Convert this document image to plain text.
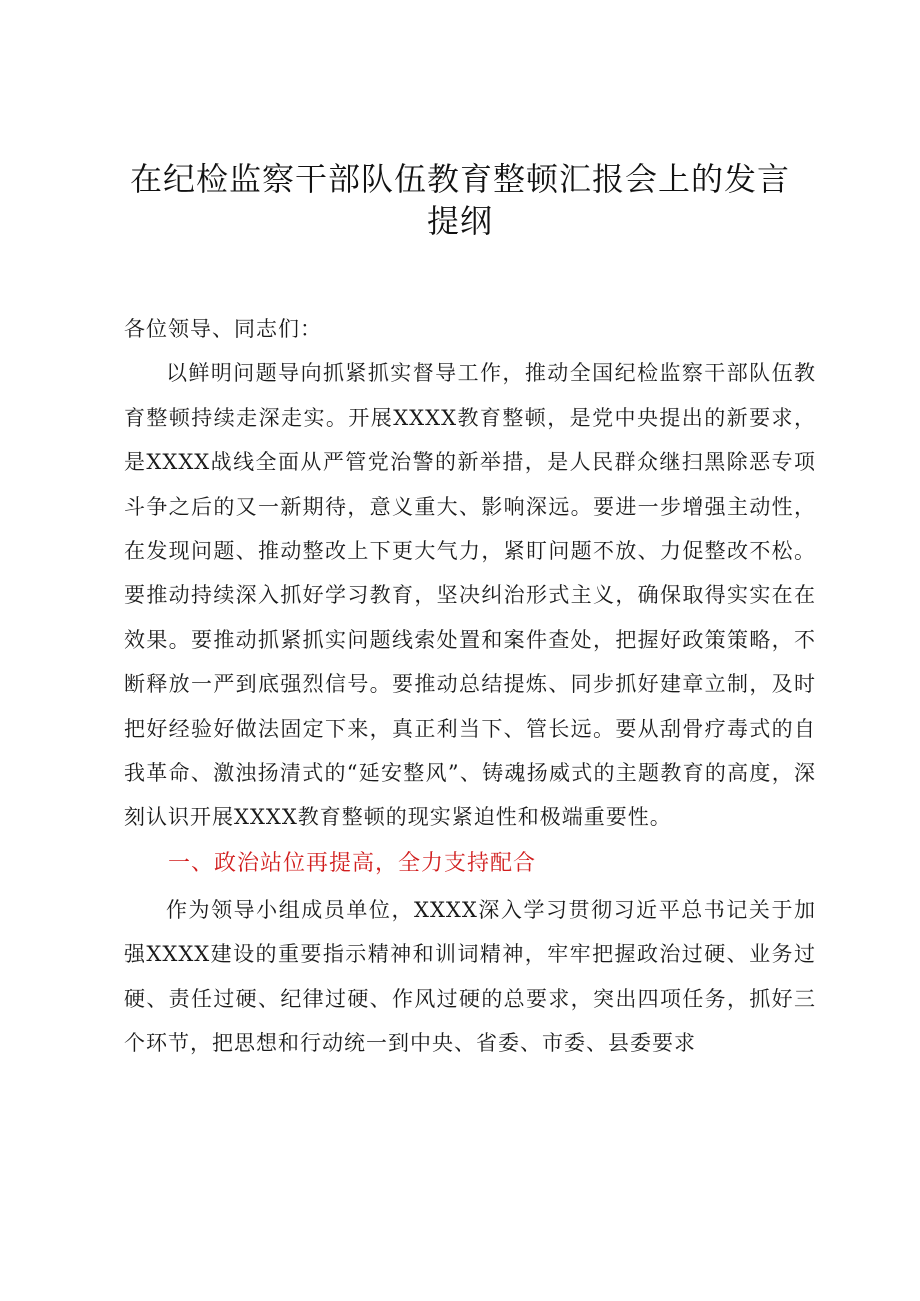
在纪检监察干部队伍教育整顿汇报会上的发言提纲

各位领导、同志们：

以鲜明问题导向抓紧抓实督导工作，推动全国纪检监察干部队伍教育整顿持续走深走实。开展XXXX教育整顿，是党中央提出的新要求，是XXXX战线全面从严管党治警的新举措，是人民群众继扫黑除恶专项斗争之后的又一新期待，意义重大、影响深远。要进一步增强主动性，在发现问题、推动整改上下更大气力，紧盯问题不放、力促整改不松。要推动持续深入抓好学习教育，坚决纠治形式主义，确保取得实实在在效果。要推动抓紧抓实问题线索处置和案件查处，把握好政策策略，不断释放一严到底强烈信号。要推动总结提炼、同步抓好建章立制，及时把好经验好做法固定下来，真正利当下、管长远。要从刮骨疗毒式的自我革命、激浊扬清式的“延安整风”、铸魂扬威式的主题教育的高度，深刻认识开展XXXX教育整顿的现实紧迫性和极端重要性。

一、政治站位再提高，全力支持配合

作为领导小组成员单位，XXXX深入学习贯彻习近平总书记关于加强XXXX建设的重要指示精神和训词精神，牢牢把握政治过硬、业务过硬、责任过硬、纪律过硬、作风过硬的总要求，突出四项任务，抓好三个环节，把思想和行动统一到中央、省委、市委、县委要求
